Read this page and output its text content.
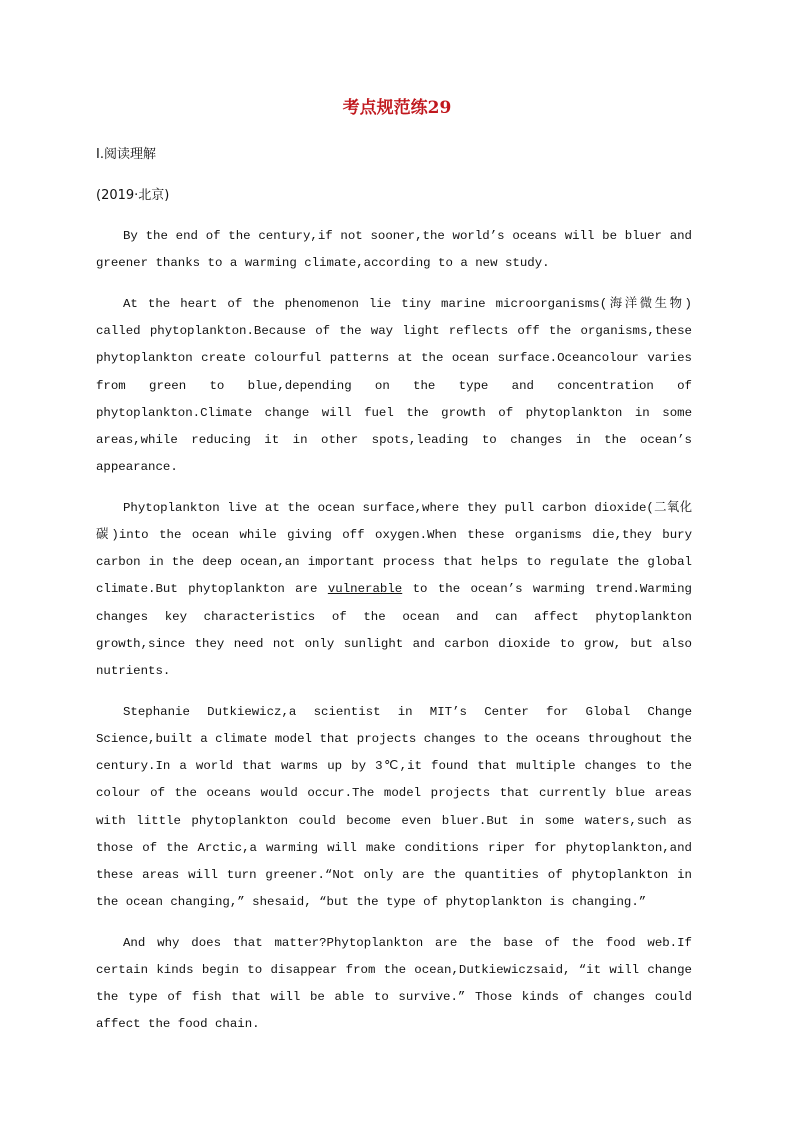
考点规范练29

Ⅰ.阅读理解

(2019·北京)

By the end of the century,if not sooner,the world’s oceans will be bluer and greener thanks to a warming climate,according to a new study.

At the heart of the phenomenon lie tiny marine microorganisms(海洋微生物) called phytoplankton.Because of the way light reflects off the organisms,these phytoplankton create colourful patterns at the ocean surface.Oceancolour varies from green to blue,depending on the type and concentration of phytoplankton.Climate change will fuel the growth of phytoplankton in some areas,while reducing it in other spots,leading to changes in the ocean’s appearance.

Phytoplankton live at the ocean surface,where they pull carbon dioxide(二氧化碳)into the ocean while giving off oxygen.When these organisms die,they bury carbon in the deep ocean,an important process that helps to regulate the global climate.But phytoplankton are vulnerable to the ocean’s warming trend.Warming changes key characteristics of the ocean and can affect phytoplankton growth,since they need not only sunlight and carbon dioxide to grow, but also nutrients.

Stephanie Dutkiewicz,a scientist in MIT’s Center for Global Change Science,built a climate model that projects changes to the oceans throughout the century.In a world that warms up by 3℃,it found that multiple changes to the colour of the oceans would occur.The model projects that currently blue areas with little phytoplankton could become even bluer.But in some waters,such as those of the Arctic,a warming will make conditions riper for phytoplankton,and these areas will turn greener.“Not only are the quantities of phytoplankton in the ocean changing,” shesaid, “but the type of phytoplankton is changing.”

And why does that matter?Phytoplankton are the base of the food web.If certain kinds begin to disappear from the ocean,Dutkiewiczsaid, “it will change the type of fish that will be able to survive.” Those kinds of changes could affect the food chain.
